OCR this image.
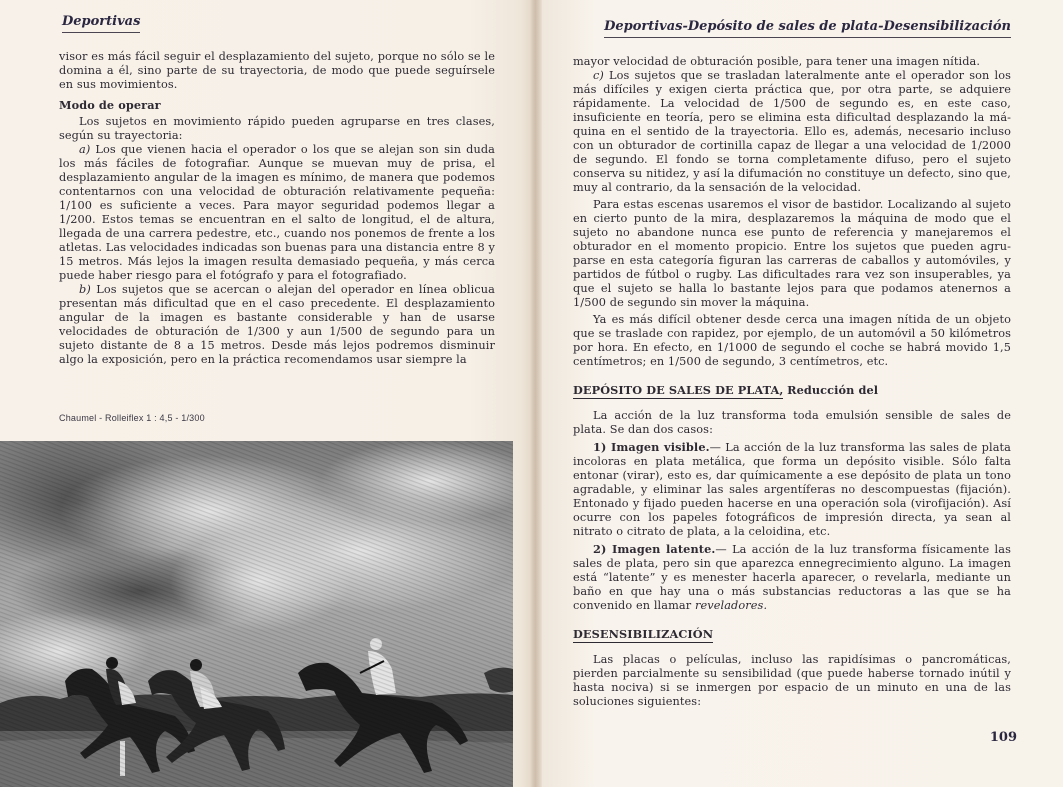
Deportivas

visor es más fácil seguir el desplazamiento del sujeto, porque no sólo se le domina a él, sino parte de su trayectoria, de modo que puede seguírsele en sus movimientos.

Modo de operar

Los sujetos en movimiento rápido pueden agruparse en tres clases, según su trayectoria:

a) Los que vienen hacia el operador o los que se alejan son sin duda los más fáciles de fotografiar. Aunque se muevan muy de prisa, el desplazamiento angular de la imagen es mínimo, de manera que podemos contentarnos con una velocidad de obturación relativamente pequeña: 1/100 es suficiente a veces. Para mayor seguridad podemos llegar a 1/200. Estos temas se encuentran en el salto de longitud, el de altura, llegada de una carrera pedestre, etc., cuando nos ponemos de frente a los atletas. Las velocidades indicadas son buenas para una distancia entre 8 y 15 metros. Más lejos la imagen resulta demasiado pequeña, y más cerca puede haber riesgo para el fotógrafo y para el fotografiado.

b) Los sujetos que se acercan o alejan del operador en línea oblicua presentan más dificultad que en el caso precedente. El desplazamiento angular de la imagen es bastante considerable y han de usarse velocidades de obturación de 1/300 y aun 1/500 de segundo para un sujeto distante de 8 a 15 metros. Desde más lejos podremos disminuir algo la exposición, pero en la práctica recomendamos usar siempre la

Chaumel - Rolleiflex 1 : 4,5 - 1/300
Deportivas-Depósito de sales de plata-Desensibilización

mayor velocidad de obturación posible, para tener una imagen nítida.

c) Los sujetos que se trasladan lateralmente ante el operador son los más difíciles y exigen cierta práctica que, por otra parte, se adquiere rápidamente. La velocidad de 1/500 de segundo es, en este caso, insuficiente en teoría, pero se elimina esta dificultad desplazando la máquina en el sentido de la trayectoria. Ello es, además, necesario incluso con un obturador de cortinilla capaz de llegar a una velocidad de 1/2000 de segundo. El fondo se torna completamente difuso, pero el sujeto conserva su nitidez, y así la difumación no constituye un defecto, sino que, muy al contrario, da la sensación de la velocidad.

Para estas escenas usaremos el visor de bastidor. Localizando al sujeto en cierto punto de la mira, desplazaremos la máquina de modo que el sujeto no abandone nunca ese punto de referencia y manejaremos el obturador en el momento propicio. Entre los sujetos que pueden agruparse en esta categoría figuran las carreras de caballos y automóviles, y partidos de fútbol o rugby. Las dificultades rara vez son insuperables, ya que el sujeto se halla lo bastante lejos para que podamos atenernos a 1/500 de segundo sin mover la máquina.

Ya es más difícil obtener desde cerca una imagen nítida de un objeto que se traslade con rapidez, por ejemplo, de un automóvil a 50 kilómetros por hora. En efecto, en 1/1000 de segundo el coche se habrá movido 1,5 centímetros; en 1/500 de segundo, 3 centímetros, etc.

DEPÓSITO DE SALES DE PLATA, Reducción del

La acción de la luz transforma toda emulsión sensible de sales de plata. Se dan dos casos:

1) Imagen visible.— La acción de la luz transforma las sales de plata incoloras en plata metálica, que forma un depósito visible. Sólo falta entonar (virar), esto es, dar químicamente a ese depósito de plata un tono agradable, y eliminar las sales argentíferas no descompuestas (fijación). Entonado y fijado pueden hacerse en una operación sola (virofijación). Así ocurre con los papeles fotográficos de impresión directa, ya sean al nitrato o citrato de plata, a la celoidina, etc.

2) Imagen latente.— La acción de la luz transforma físicamente las sales de plata, pero sin que aparezca ennegrecimiento alguno. La imagen está “latente” y es menester hacerla aparecer, o revelarla, mediante un baño en que hay una o más substancias reductoras a las que se ha convenido en llamar reveladores.

DESENSIBILIZACIÓN

Las placas o películas, incluso las rapidísimas o pancromáticas, pierden parcialmente su sensibilidad (que puede haberse tornado inútil y hasta nociva) si se inmergen por espacio de un minuto en una de las soluciones siguientes:

109
